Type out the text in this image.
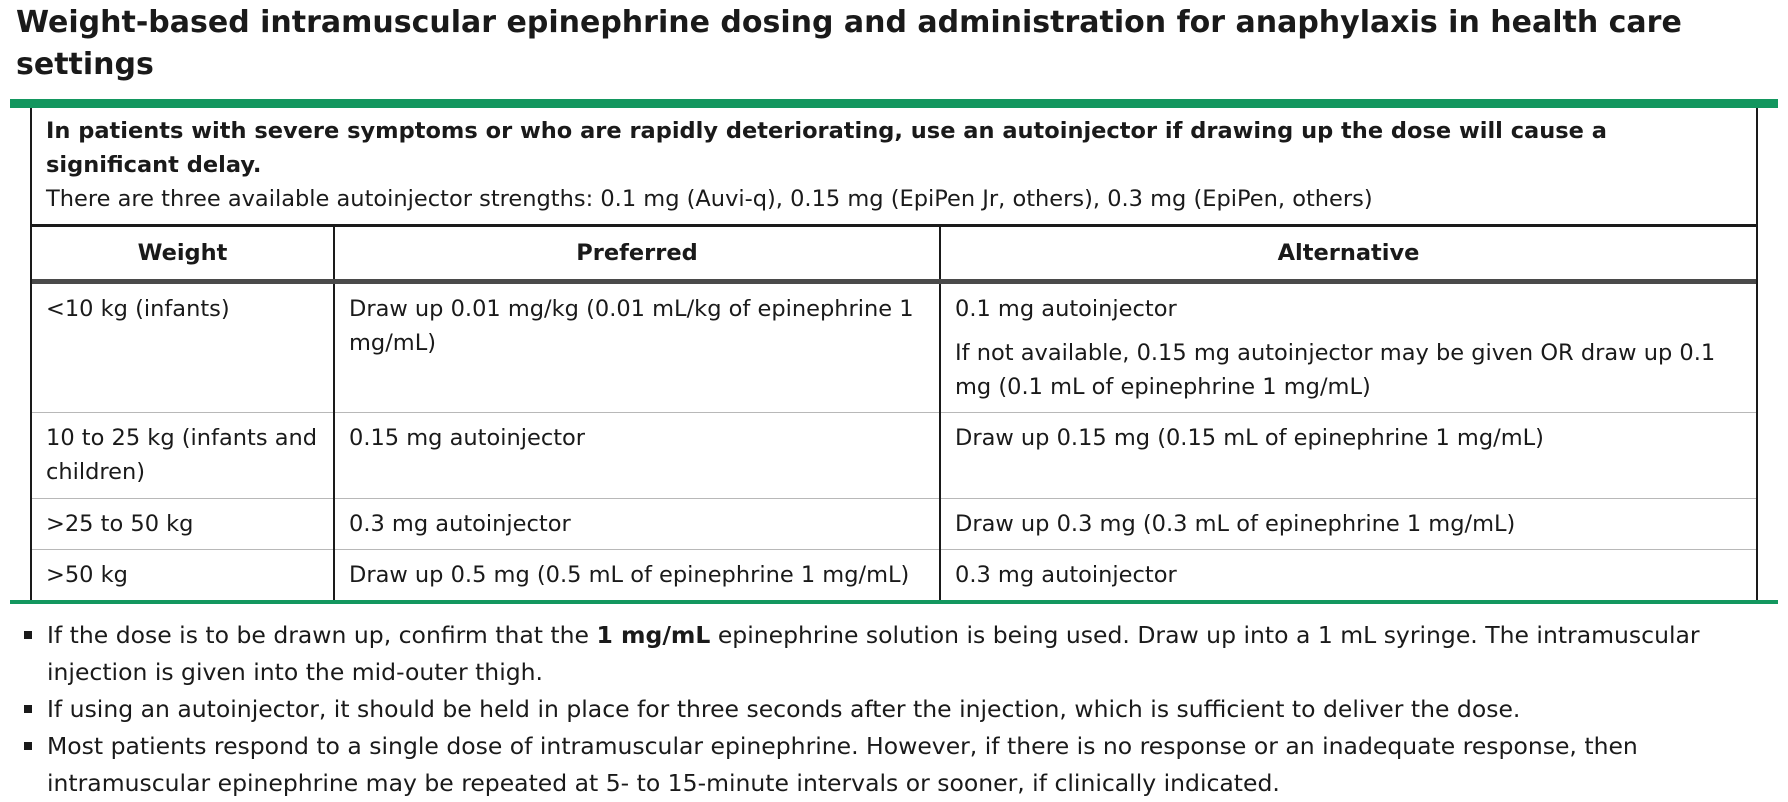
Weight-based intramuscular epinephrine dosing and administration for anaphylaxis in health care settings
In patients with severe symptoms or who are rapidly deteriorating, use an autoinjector if drawing up the dose will cause a significant delay.
There are three available autoinjector strengths: 0.1 mg (Auvi-q), 0.15 mg (EpiPen Jr, others), 0.3 mg (EpiPen, others)
Weight	Preferred	Alternative
<10 kg (infants)	Draw up 0.01 mg/kg (0.01 mL/kg of epinephrine 1 mg/mL)	0.1 mg autoinjector

If not available, 0.15 mg autoinjector may be given OR draw up 0.1 mg (0.1 mL of epinephrine 1 mg/mL)

10 to 25 kg (infants and children)	0.15 mg autoinjector	Draw up 0.15 mg (0.15 mL of epinephrine 1 mg/mL)
>25 to 50 kg	0.3 mg autoinjector	Draw up 0.3 mg (0.3 mL of epinephrine 1 mg/mL)
>50 kg	Draw up 0.5 mg (0.5 mL of epinephrine 1 mg/mL)	0.3 mg autoinjector
If the dose is to be drawn up, confirm that the 1 mg/mL epinephrine solution is being used. Draw up into a 1 mL syringe. The intramuscular injection is given into the mid-outer thigh.
If using an autoinjector, it should be held in place for three seconds after the injection, which is sufficient to deliver the dose.
Most patients respond to a single dose of intramuscular epinephrine. However, if there is no response or an inadequate response, then intramuscular epinephrine may be repeated at 5- to 15-minute intervals or sooner, if clinically indicated.
